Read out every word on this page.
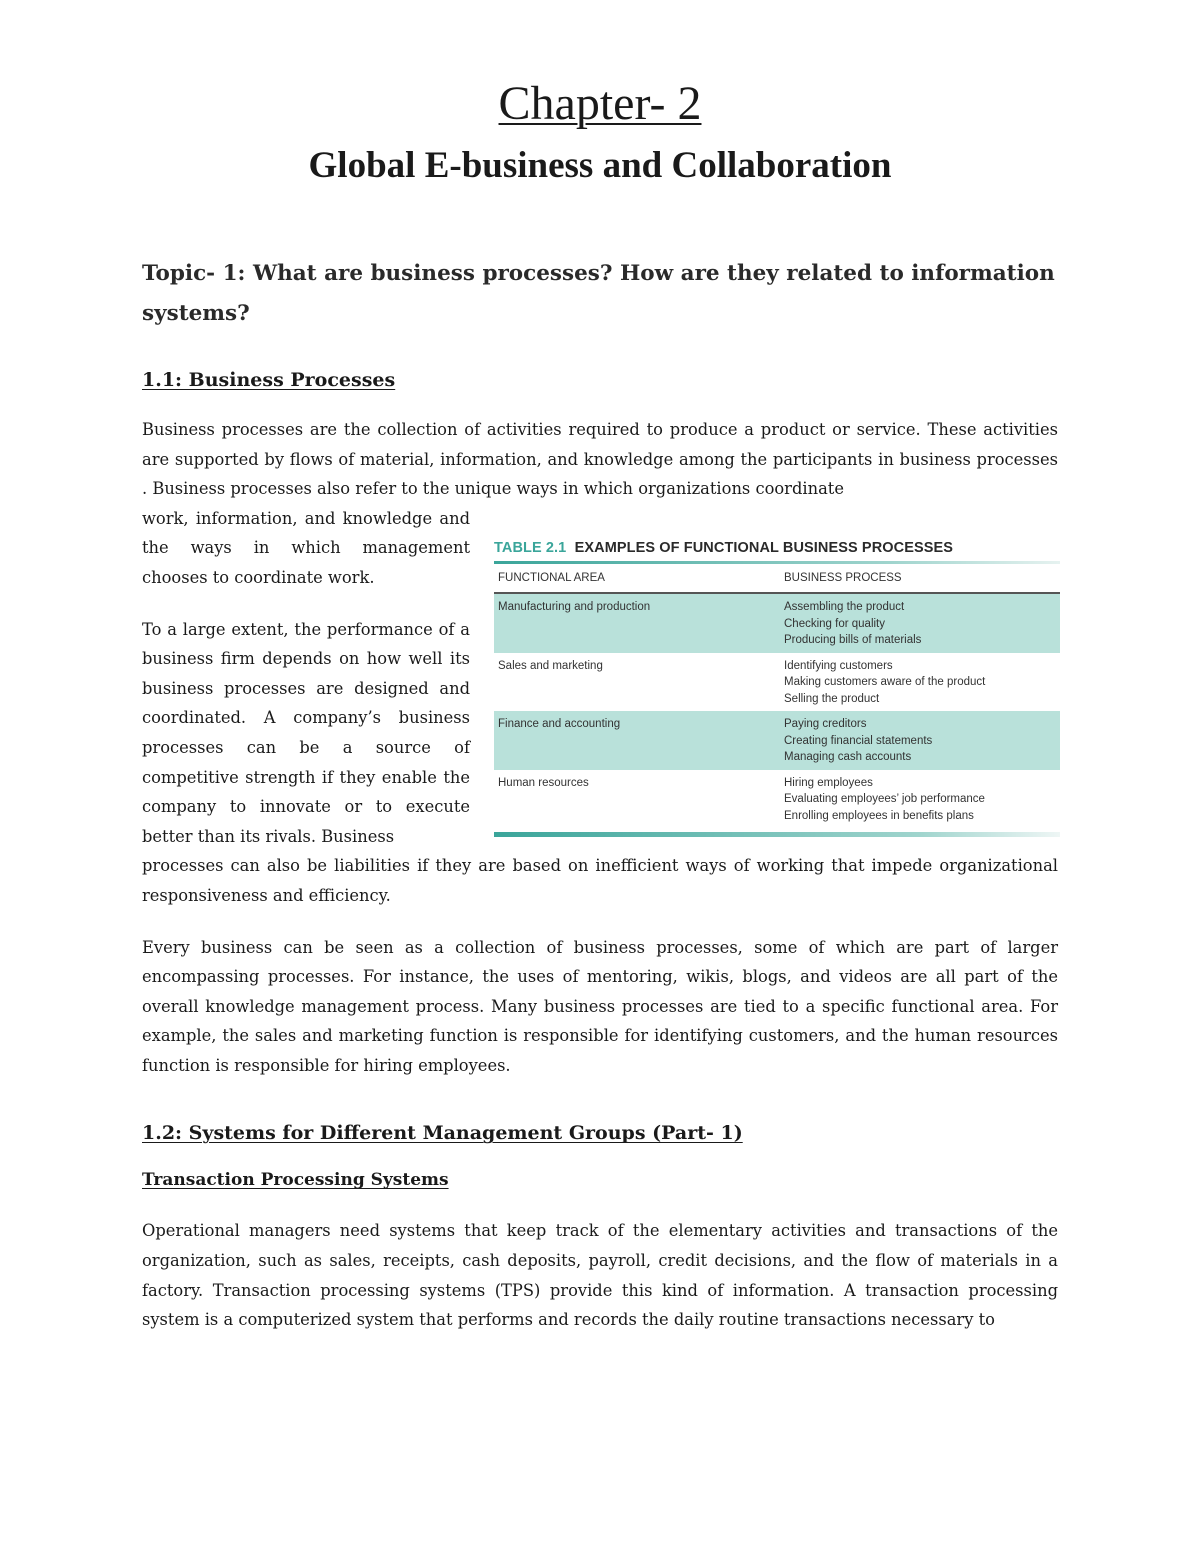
Chapter- 2
Global E-business and Collaboration
Topic- 1: What are business processes? How are they related to information systems?
1.1: Business Processes

Business processes are the collection of activities required to produce a product or service. These activities are supported by flows of material, information, and knowledge among the participants in business processes . Business processes also refer to the unique ways in which organizations coordinate

work, information, and knowledge and the ways in which management chooses to coordinate work.

To a large extent, the performance of a business firm depends on how well its business processes are designed and coordinated. A company’s business processes can be a source of competitive strength if they enable the company to innovate or to execute better than its rivals. Business

processes can also be liabilities if they are based on inefficient ways of working that impede organizational responsiveness and efficiency.

Every business can be seen as a collection of business processes, some of which are part of larger encompassing processes. For instance, the uses of mentoring, wikis, blogs, and videos are all part of the overall knowledge management process. Many business processes are tied to a specific functional area. For example, the sales and marketing function is responsible for identifying customers, and the human resources function is responsible for hiring employees.

1.2: Systems for Different Management Groups (Part- 1)
Transaction Processing Systems

Operational managers need systems that keep track of the elementary activities and transactions of the organization, such as sales, receipts, cash deposits, payroll, credit decisions, and the flow of materials in a factory. Transaction processing systems (TPS) provide this kind of information. A transaction processing system is a computerized system that performs and records the daily routine transactions necessary to

TABLE 2.1 EXAMPLES OF FUNCTIONAL BUSINESS PROCESSES
FUNCTIONAL AREA	BUSINESS PROCESS
Manufacturing and production	Assembling the product
Checking for quality
Producing bills of materials
Sales and marketing	Identifying customers
Making customers aware of the product
Selling the product
Finance and accounting	Paying creditors
Creating financial statements
Managing cash accounts
Human resources	Hiring employees
Evaluating employees’ job performance
Enrolling employees in benefits plans
